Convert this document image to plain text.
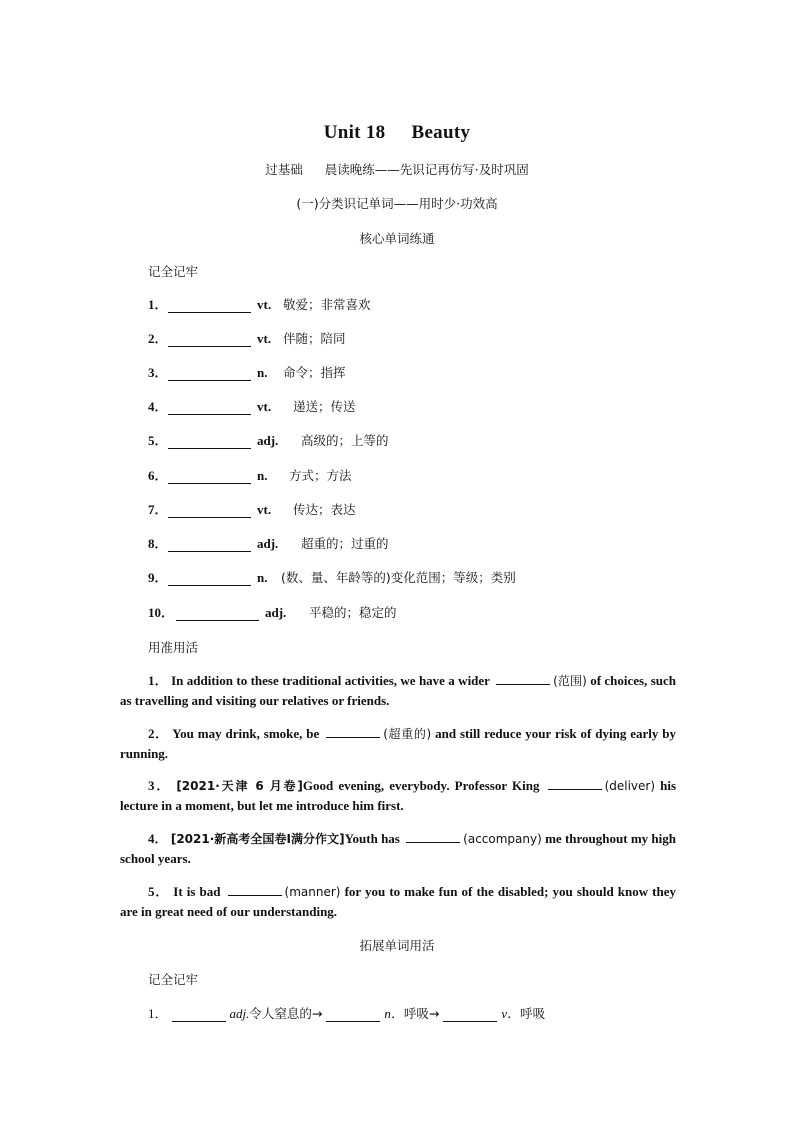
Unit 18 Beauty
过基础 晨读晚练——先识记再仿写·及时巩固
(一)分类识记单词——用时少·功效高
核心单词练通
记全记牢
1．	vt. 敬爱；非常喜欢
2．	vt. 伴随；陪同
3．	n.	命令；指挥
4．	vt.	递送；传送
5．	adj.	高级的；上等的
6．	n.	方式；方法
7．	vt.	传达；表达
8．	adj.	超重的；过重的
9．	n.	(数、量、年龄等的)变化范围；等级；类别
10．	adj.	平稳的；稳定的
用准用活
1． In addition to these traditional activities, we have a wider	(范围) of choices, such as travelling and visiting our relatives or friends.
2． You may drink, smoke, be	(超重的) and still reduce your risk of dying early by running.
3． [2021·天津 6 月卷]Good evening, everybody. Professor King	(deliver) his lecture in a moment, but let me introduce him first.
4． [2021·新高考全国卷Ⅰ满分作文]Youth has	(accompany) me throughout my high school years.
5． It is bad	(manner) for you to make fun of the disabled; you should know they are in great need of our understanding.
拓展单词用活
记全记牢
1．	adj. 令人窒息的→	n． 呼吸→	v． 呼吸
